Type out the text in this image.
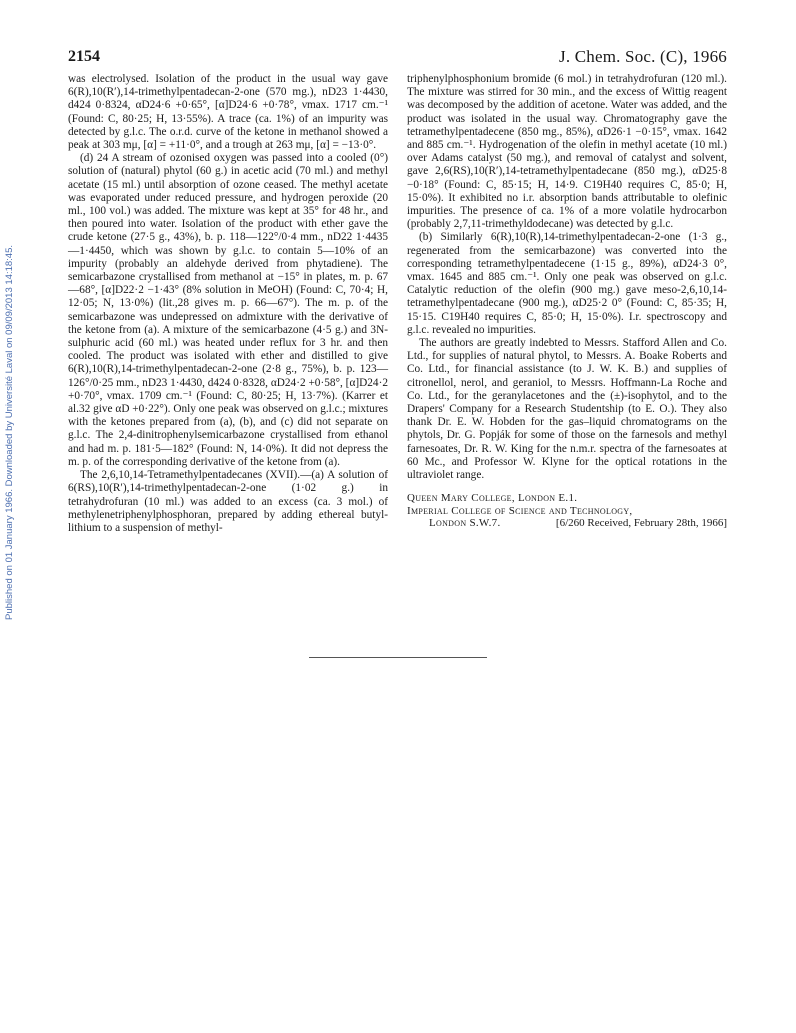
2154	J. Chem. Soc. (C), 1966
Published on 01 January 1966. Downloaded by Université Laval on 09/09/2013 14:18:45.

was electrolysed. Isolation of the product in the usual way gave 6(R),10(R′),14-trimethylpentadecan-2-one (570 mg.), nD23 1·4430, d424 0·8324, αD24·6 +0·65°, [α]D24·6 +0·78°, νmax. 1717 cm.⁻¹ (Found: C, 80·25; H, 13·55%). A trace (ca. 1%) of an impurity was detected by g.l.c. The o.r.d. curve of the ketone in methanol showed a peak at 303 mμ, [α] = +11·0°, and a trough at 263 mμ, [α] = −13·0°.

(d) 24 A stream of ozonised oxygen was passed into a cooled (0°) solution of (natural) phytol (60 g.) in acetic acid (70 ml.) and methyl acetate (15 ml.) until absorption of ozone ceased. The methyl acetate was evaporated under reduced pressure, and hydrogen peroxide (20 ml., 100 vol.) was added. The mixture was kept at 35° for 48 hr., and then poured into water. Isolation of the product with ether gave the crude ketone (27·5 g., 43%), b. p. 118—122°/0·4 mm., nD22 1·4435—1·4450, which was shown by g.l.c. to contain 5—10% of an impurity (probably an aldehyde derived from phytadiene). The semicarbazone crystallised from methanol at −15° in plates, m. p. 67—68°, [α]D22·2 −1·43° (8% solution in MeOH) (Found: C, 70·4; H, 12·05; N, 13·0%) (lit.,28 gives m. p. 66—67°). The m. p. of the semicarbazone was undepressed on admixture with the derivative of the ketone from (a). A mixture of the semicarbazone (4·5 g.) and 3N-sulphuric acid (60 ml.) was heated under reflux for 3 hr. and then cooled. The product was isolated with ether and distilled to give 6(R),10(R),14-trimethylpentadecan-2-one (2·8 g., 75%), b. p. 123—126°/0·25 mm., nD23 1·4430, d424 0·8328, αD24·2 +0·58°, [α]D24·2 +0·70°, νmax. 1709 cm.⁻¹ (Found: C, 80·25; H, 13·7%). (Karrer et al.32 give αD +0·22°). Only one peak was observed on g.l.c.; mixtures with the ketones prepared from (a), (b), and (c) did not separate on g.l.c. The 2,4-dinitrophenylsemicarbazone crystallised from ethanol and had m. p. 181·5—182° (Found: N, 14·0%). It did not depress the m. p. of the corresponding derivative of the ketone from (a).

The 2,6,10,14-Tetramethylpentadecanes (XVII).—(a) A solution of 6(RS),10(R′),14-trimethylpentadecan-2-one (1·02 g.) in tetrahydrofuran (10 ml.) was added to an excess (ca. 3 mol.) of methylenetriphenylphosphoran, prepared by adding ethereal butyl-lithium to a suspension of methyl-

triphenylphosphonium bromide (6 mol.) in tetrahydrofuran (120 ml.). The mixture was stirred for 30 min., and the excess of Wittig reagent was decomposed by the addition of acetone. Water was added, and the product was isolated in the usual way. Chromatography gave the tetramethylpentadecene (850 mg., 85%), αD26·1 −0·15°, νmax. 1642 and 885 cm.⁻¹. Hydrogenation of the olefin in methyl acetate (10 ml.) over Adams catalyst (50 mg.), and removal of catalyst and solvent, gave 2,6(RS),10(R′),14-tetramethylpentadecane (850 mg.), αD25·8 −0·18° (Found: C, 85·15; H, 14·9. C19H40 requires C, 85·0; H, 15·0%). It exhibited no i.r. absorption bands attributable to olefinic impurities. The presence of ca. 1% of a more volatile hydrocarbon (probably 2,7,11-trimethyldodecane) was detected by g.l.c.

(b) Similarly 6(R),10(R),14-trimethylpentadecan-2-one (1·3 g., regenerated from the semicarbazone) was converted into the corresponding tetramethylpentadecene (1·15 g., 89%), αD24·3 0°, νmax. 1645 and 885 cm.⁻¹. Only one peak was observed on g.l.c. Catalytic reduction of the olefin (900 mg.) gave meso-2,6,10,14-tetramethylpentadecane (900 mg.), αD25·2 0° (Found: C, 85·35; H, 15·15. C19H40 requires C, 85·0; H, 15·0%). I.r. spectroscopy and g.l.c. revealed no impurities.

The authors are greatly indebted to Messrs. Stafford Allen and Co. Ltd., for supplies of natural phytol, to Messrs. A. Boake Roberts and Co. Ltd., for financial assistance (to J. W. K. B.) and supplies of citronellol, nerol, and geraniol, to Messrs. Hoffmann-La Roche and Co. Ltd., for the geranylacetones and the (±)-isophytol, and to the Drapers' Company for a Research Studentship (to E. O.). They also thank Dr. E. W. Hobden for the gas–liquid chromatograms on the phytols, Dr. G. Popják for some of those on the farnesols and methyl farnesoates, Dr. R. W. King for the n.m.r. spectra of the farnesoates at 60 Mc., and Professor W. Klyne for the optical rotations in the ultraviolet range.

Queen Mary College, London E.1.
Imperial College of Science and Technology,
London S.W.7.	[6/260 Received, February 28th, 1966]
